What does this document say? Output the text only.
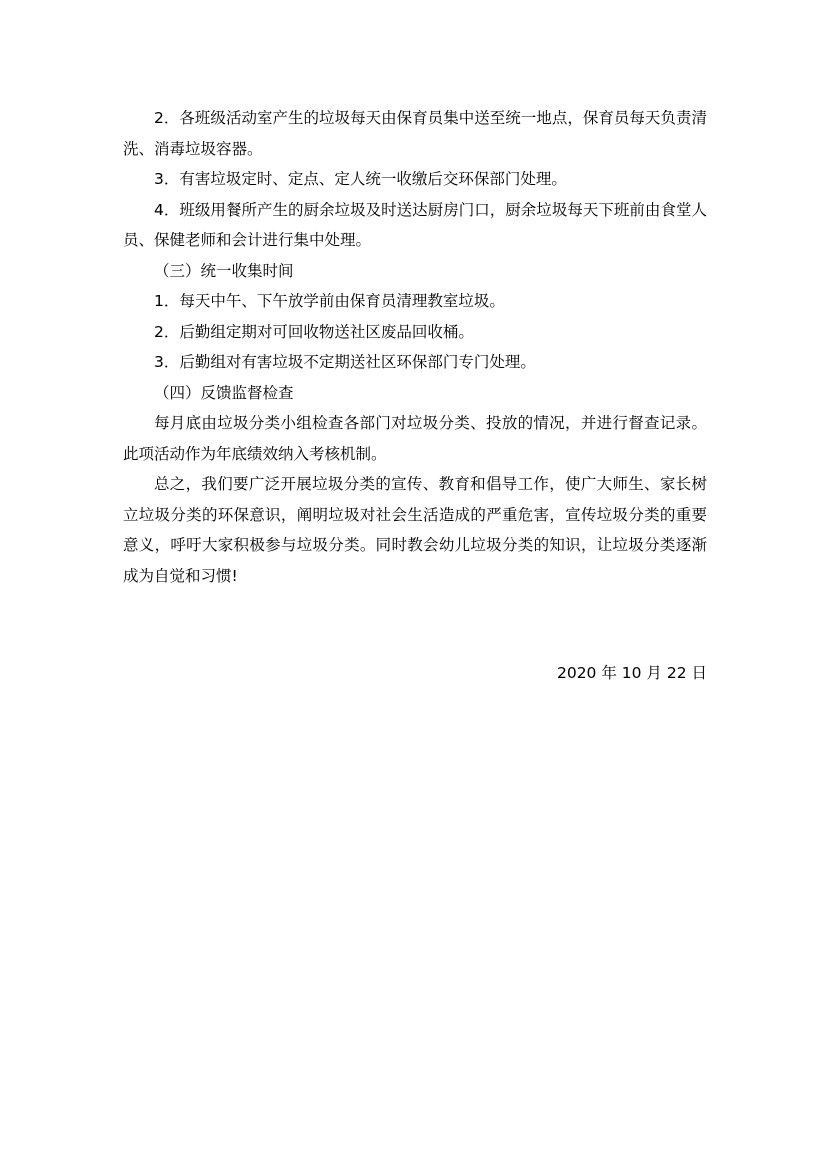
2．各班级活动室产生的垃圾每天由保育员集中送至统一地点，保育员每天负责清洗、消毒垃圾容器。

3．有害垃圾定时、定点、定人统一收缴后交环保部门处理。

4．班级用餐所产生的厨余垃圾及时送达厨房门口，厨余垃圾每天下班前由食堂人员、保健老师和会计进行集中处理。

（三）统一收集时间

1．每天中午、下午放学前由保育员清理教室垃圾。

2．后勤组定期对可回收物送社区废品回收桶。

3．后勤组对有害垃圾不定期送社区环保部门专门处理。

（四）反馈监督检查

每月底由垃圾分类小组检查各部门对垃圾分类、投放的情况，并进行督查记录。此项活动作为年底绩效纳入考核机制。

总之，我们要广泛开展垃圾分类的宣传、教育和倡导工作，使广大师生、家长树立垃圾分类的环保意识，阐明垃圾对社会生活造成的严重危害，宣传垃圾分类的重要意义，呼吁大家积极参与垃圾分类。同时教会幼儿垃圾分类的知识，让垃圾分类逐渐成为自觉和习惯!

2020 年 10 月 22 日
